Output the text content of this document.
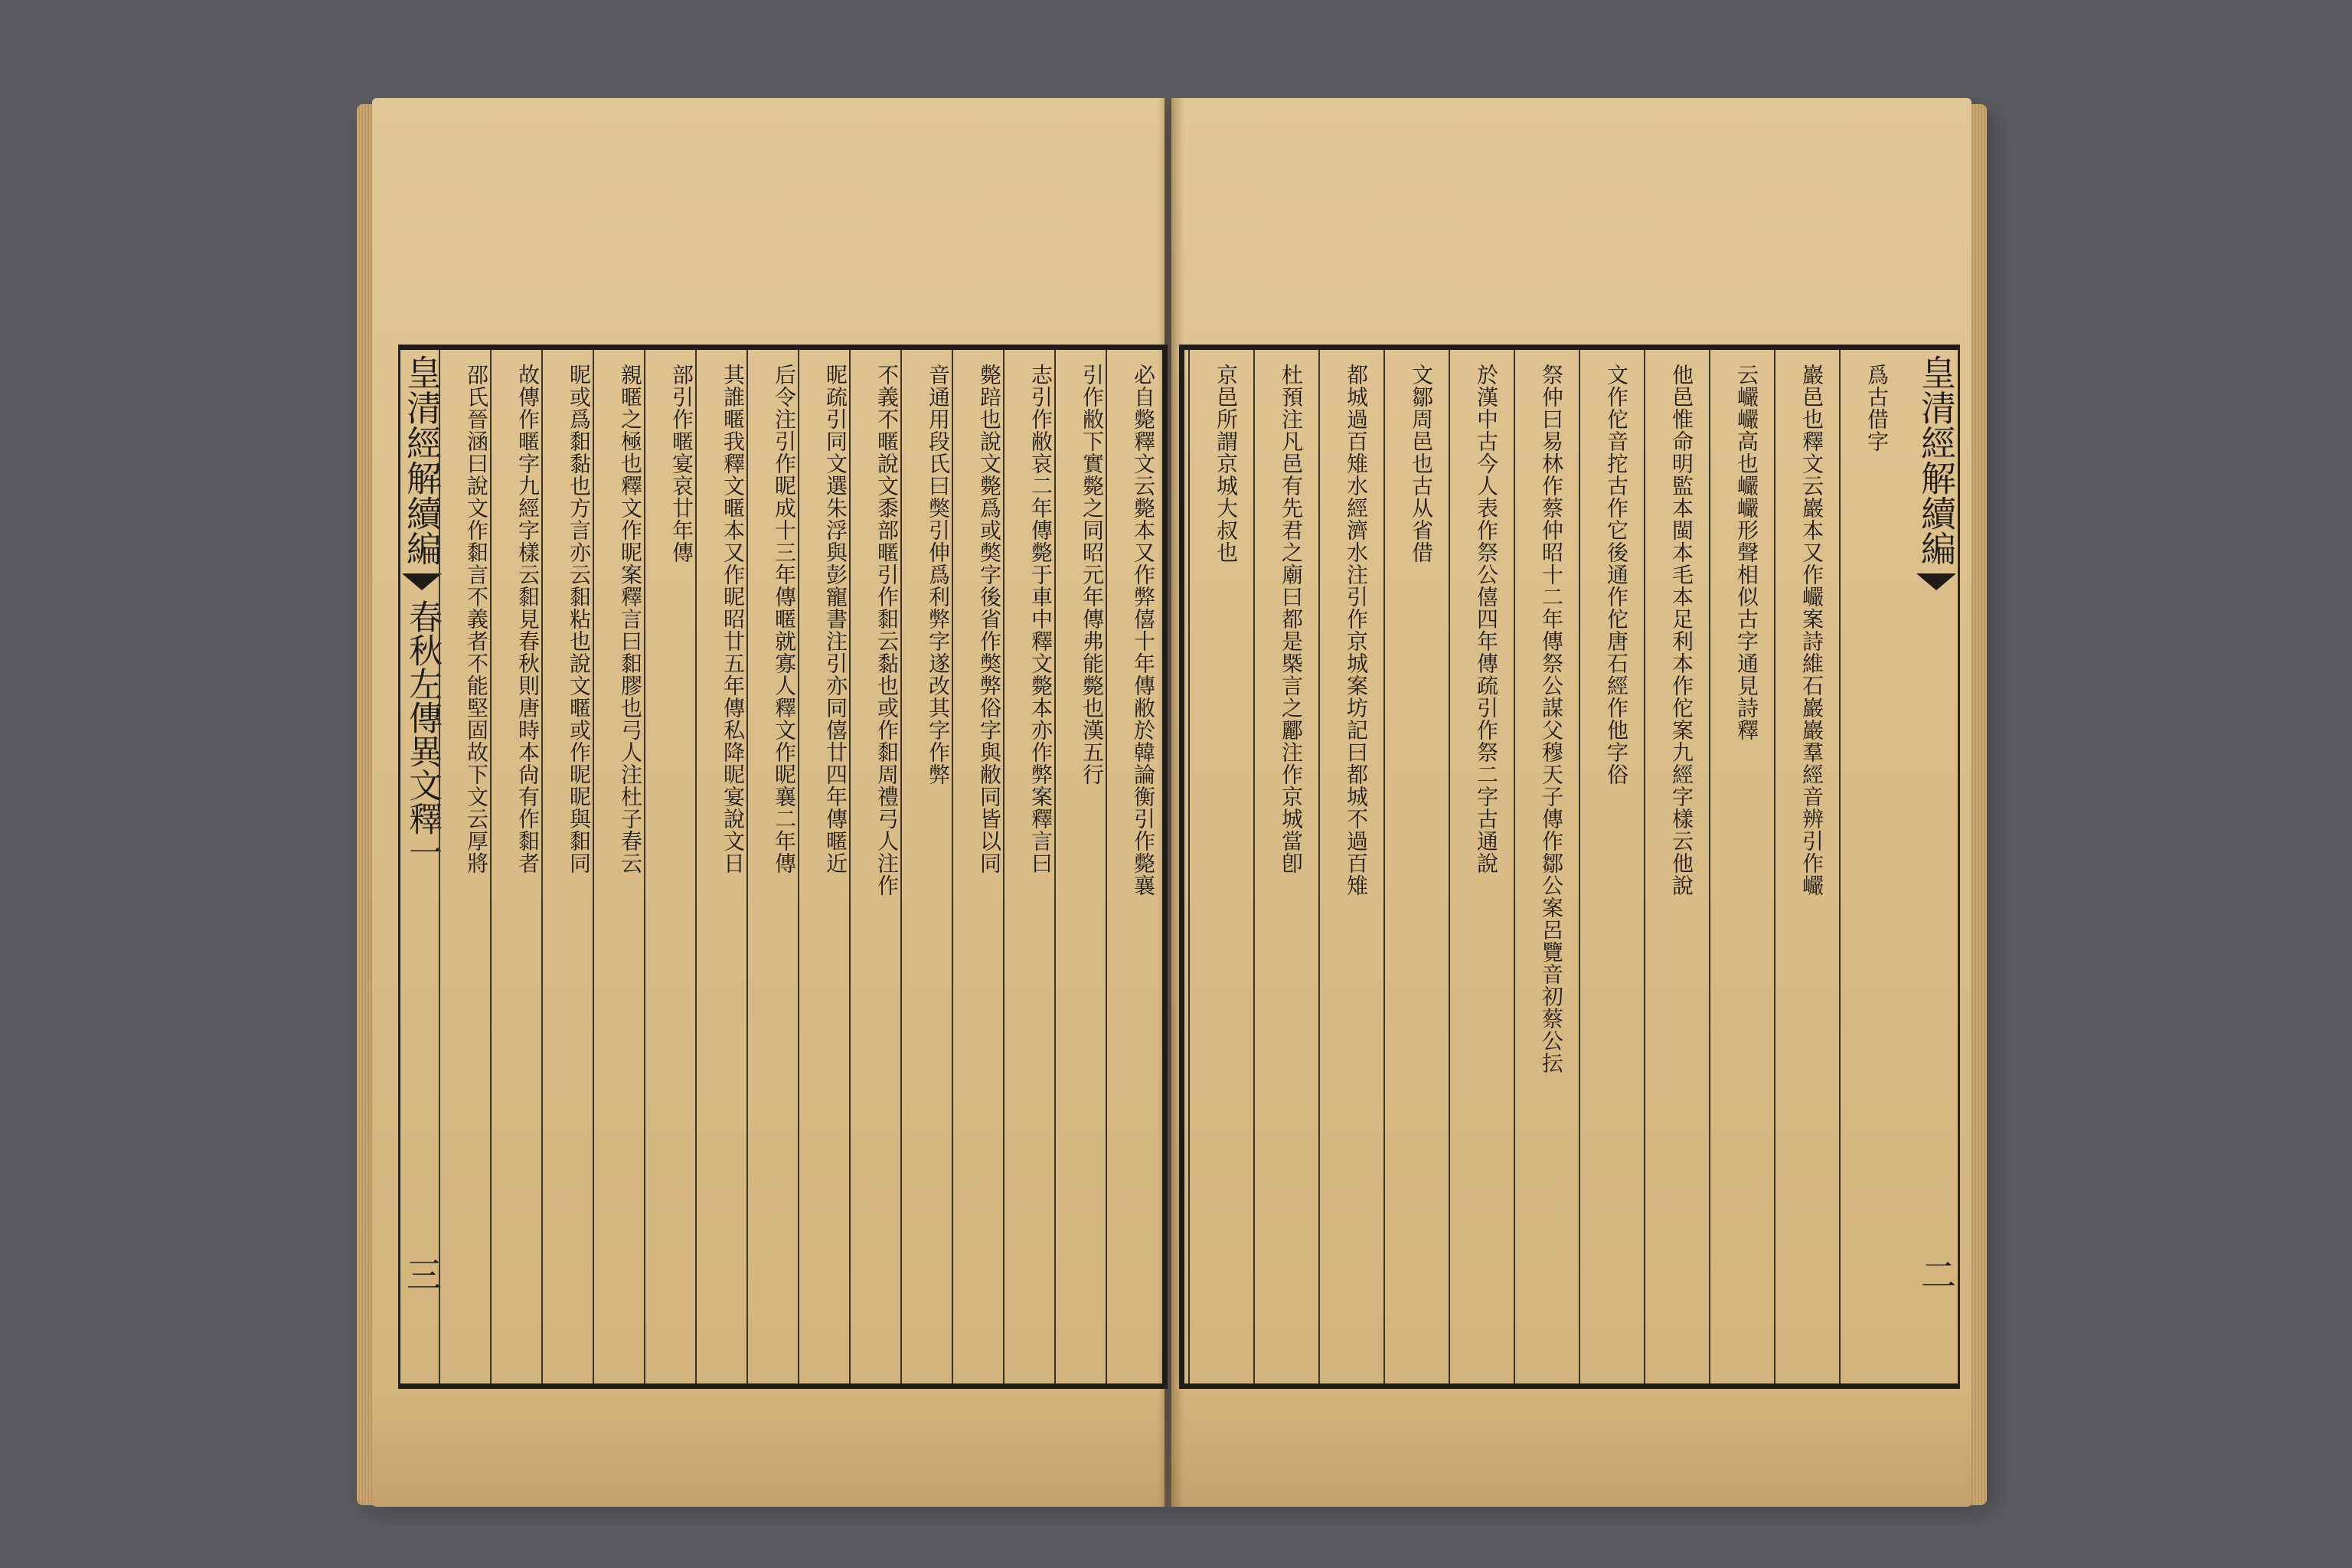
皇清經解續編
春秋左傳異文釋一
三
必自斃釋文云斃本又作弊僖十年傳敝於韓論衡引作斃襄
引作敝下實斃之同昭元年傳弗能斃也漢五行
志引作敝哀二年傳斃于車中釋文斃本亦作弊案釋言曰
斃踣也說文斃爲或獘字後省作獘弊俗字與敝同皆以同
音通用段氏曰獘引伸爲利弊字遂改其字作弊
不義不暱說文黍部暱引作䵒云黏也或作䵒周禮弓人注作
昵疏引同文選朱浮與彭寵書注引亦同僖廿四年傳暱近
后令注引作昵成十三年傳暱就寡人釋文作昵襄二年傳
其誰暱我釋文暱本又作昵昭廿五年傳私降昵宴說文日
部引作暱宴哀廿年傳
親暱之極也釋文作昵案釋言曰䵒膠也弓人注杜子春云
昵或爲䵒黏也方言亦云䵒粘也說文暱或作昵昵與䵒同
故傳作暱字九經字樣云䵒見春秋則唐時本尙有作䵒者
邵氏晉涵曰說文作䵒言不義者不能堅固故下文云厚將	皇清經解續編
二
爲古借字
巖邑也釋文云巖本又作巗案詩維石巖巖羣經音辨引作巗
云巗巗高也巗巗形聲相似古字通見詩釋
他邑惟命明監本閩本毛本足利本作佗案九經字樣云他說
文作佗音拕古作它後通作佗唐石經作他字俗
祭仲曰易林作蔡仲昭十二年傳祭公謀父穆天子傳作鄒公案呂覽音初蔡公抎
於漢中古今人表作祭公僖四年傳疏引作祭二字古通說
文鄒周邑也古从省借
都城過百雉水經濟水注引作京城案坊記曰都城不過百雉
杜預注凡邑有先君之廟曰都是槩言之酈注作京城當卽
京邑所謂京城大叔也
